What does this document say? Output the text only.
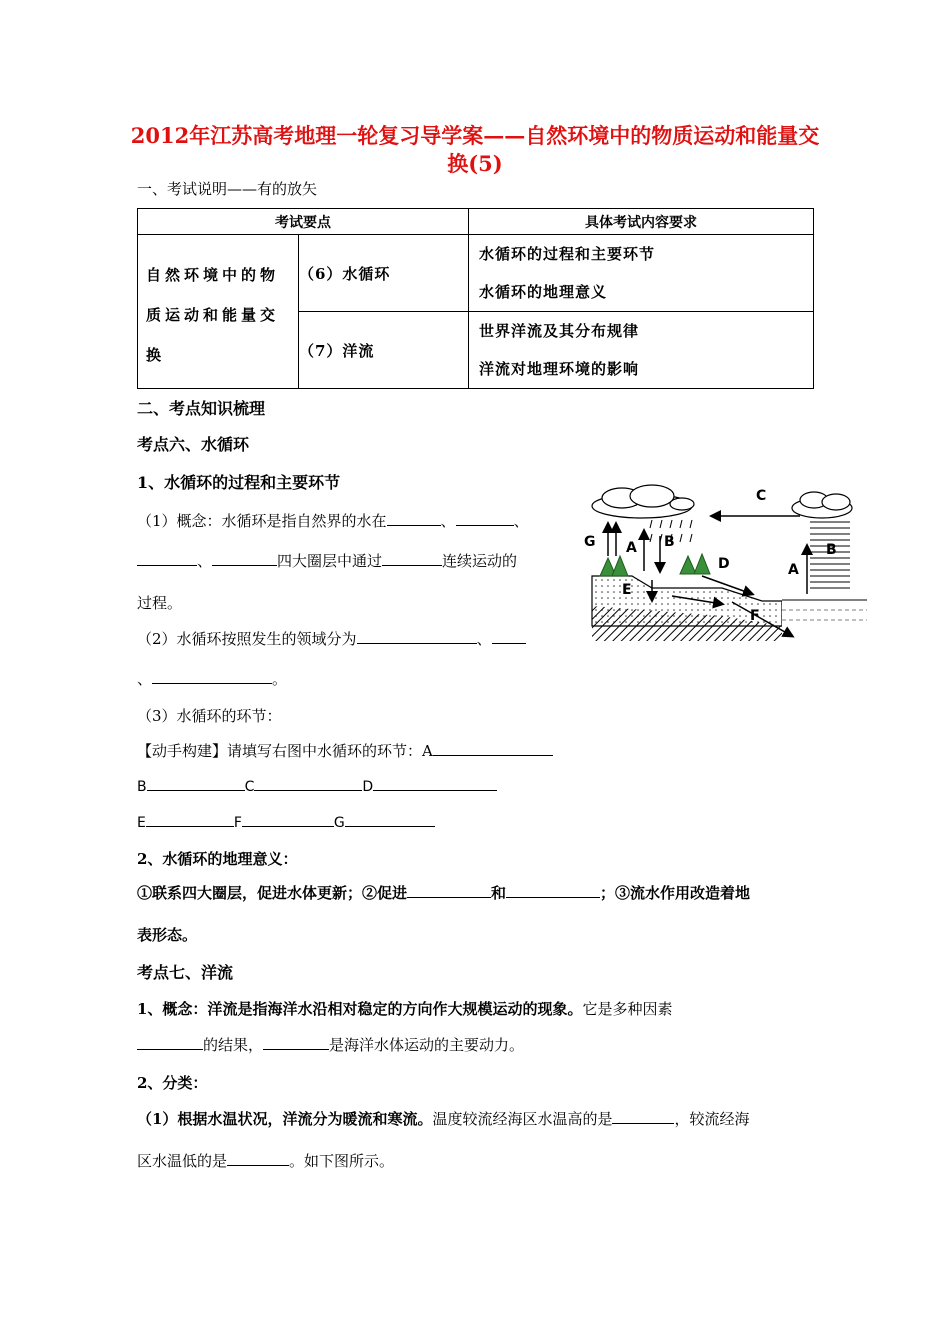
2012年江苏高考地理一轮复习导学案——自然环境中的物质运动和能量交换(5)
一、考试说明——有的放矢
考试要点		具体考试内容要求

自然环境中的物质运动和能量交换	（6）水循环	水循环的过程和主要环节
水循环的地理意义

	（7）洋流	世界洋流及其分布规律
洋流对地理环境的影响
二、考点知识梳理
考点六、水循环
1、水循环的过程和主要环节
（1）概念：水循环是指自然界的水在	、	、
、	四大圈层中通过	连续运动的
过程。
（2）水循环按照发生的领域分为	、
、	。
（3）水循环的环节：
【动手构建】请填写右图中水循环的环节：A
B	C	D
E	F	G
2、水循环的地理意义：
①联系四大圈层，促进水体更新；②促进	和	；③流水作用改造着地
表形态。
考点七、洋流
1、概念：洋流是指海洋水沿相对稳定的方向作大规模运动的现象。它是多种因素
的结果，	是海洋水体运动的主要动力。
2、分类：
（1）根据水温状况，洋流分为暖流和寒流。温度较流经海区水温高的是	，较流经海
区水温低的是	。如下图所示。
G A B
C
D
E
F
A
B
